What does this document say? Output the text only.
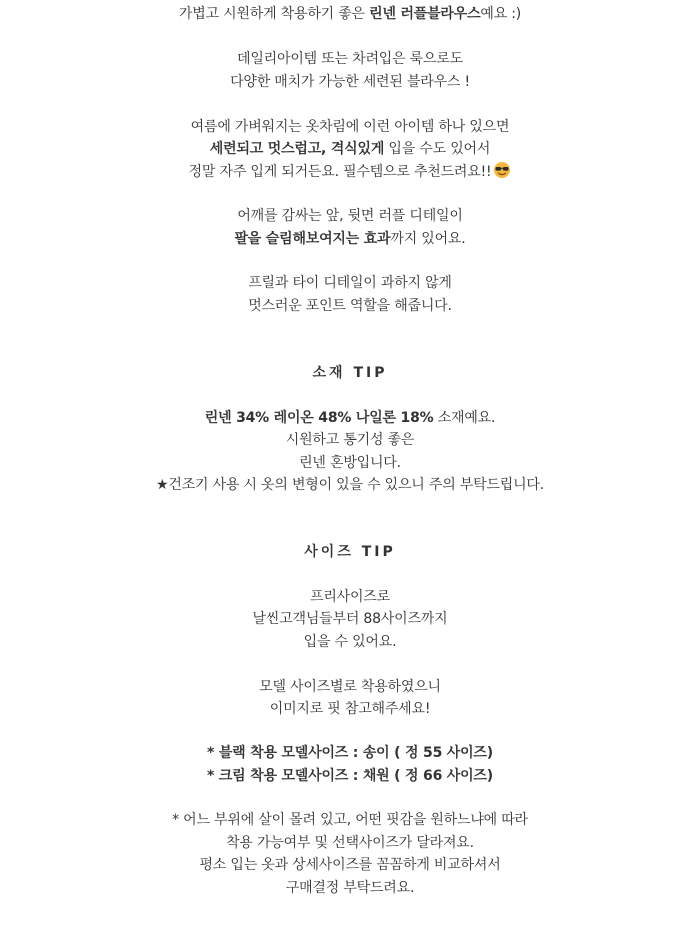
가볍고 시원하게 착용하기 좋은 린넨 러플블라우스예요 :)
데일리아이템 또는 차려입은 룩으로도
다양한 매치가 가능한 세련된 블라우스 !
여름에 가벼워지는 옷차림에 이런 아이템 하나 있으면
세련되고 멋스럽고, 격식있게 입을 수도 있어서
정말 자주 입게 되거든요. 필수템으로 추천드려요!!
어깨를 감싸는 앞, 뒷면 러플 디테일이
팔을 슬림해보여지는 효과까지 있어요.
프릴과 타이 디테일이 과하지 않게
멋스러운 포인트 역할을 해줍니다.
소재 TIP
린넨 34% 레이온 48% 나일론 18% 소재예요.
시원하고 통기성 좋은
린넨 혼방입니다.
★건조기 사용 시 옷의 변형이 있을 수 있으니 주의 부탁드립니다.
사이즈 TIP
프리사이즈로
날씬고객님들부터 88사이즈까지
입을 수 있어요.
모델 사이즈별로 착용하였으니
이미지로 핏 참고해주세요!
* 블랙 착용 모델사이즈 : 송이 ( 정 55 사이즈)
* 크림 착용 모델사이즈 : 채원 ( 정 66 사이즈)
* 어느 부위에 살이 몰려 있고, 어떤 핏감을 원하느냐에 따라
착용 가능여부 및 선택사이즈가 달라져요.
평소 입는 옷과 상세사이즈를 꼼꼼하게 비교하셔서
구매결정 부탁드려요.
